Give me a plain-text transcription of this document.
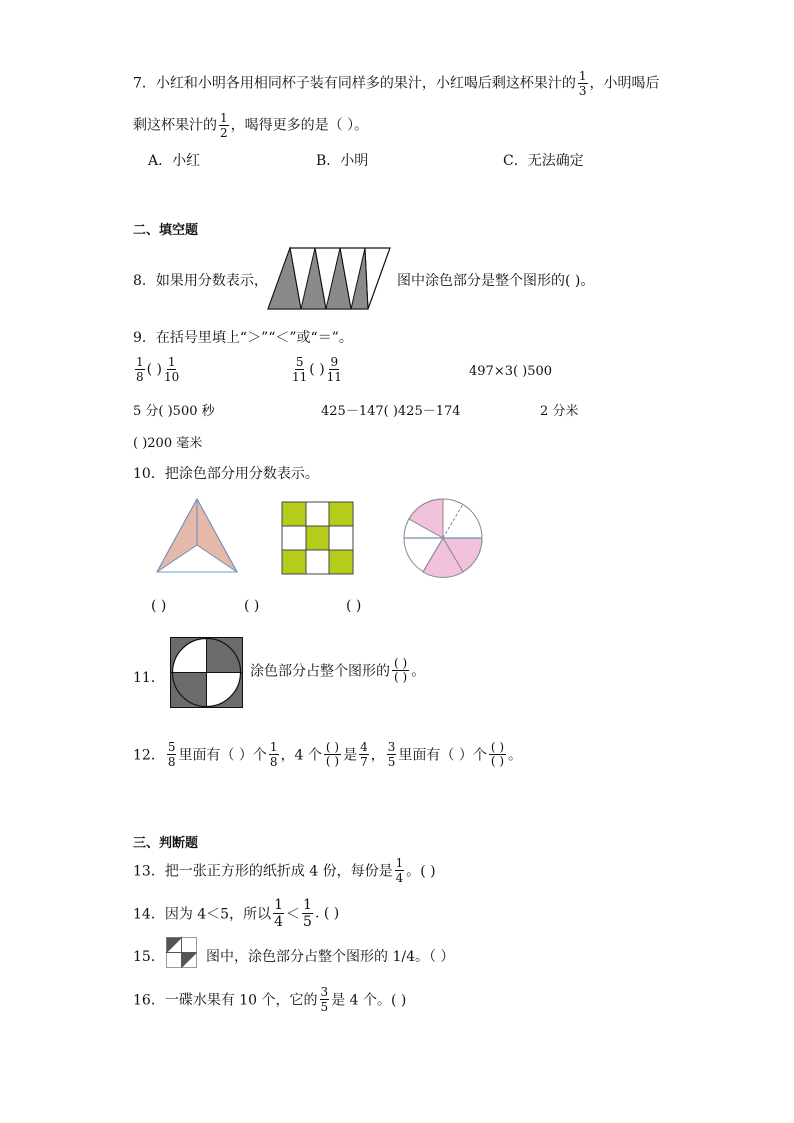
7．小红和小明各用相同杯子装有同样多的果汁，小红喝后剩这杯果汁的 $\frac{1}{3}$ ，小明喝后
剩这杯果汁的 $\frac{1}{2}$ ，喝得更多的是（ ）。
A．小红	B．小明	C．无法确定
二、填空题
8．如果用分数表示，	图中涂色部分是整个图形的( )。
9．在括号里填上“＞”“＜”或“＝”。
$\frac{1}{8}$ ( ) $\frac{1}{10}$	$\frac{5}{11}$ ( ) $\frac{9}{11}$	497×3( )500
5 分( )500 秒	425－147( )425－174	2 分米
( )200 毫米
10．把涂色部分用分数表示。
( )	( )	( )
11．	涂色部分占整个图形的
( )
( ) 。
12． $\frac{5}{8}$ 里面有（ ）个 $\frac{1}{8}$ ，4 个
( )
( ) 是 $\frac{4}{7}$ ， $\frac{3}{5}$ 里面有（ ）个
( )
( ) 。
三、判断题
13．把一张正方形的纸折成 4 份，每份是 $\frac{1}{4}$ 。( )
14．因为 4＜5，所以 $\frac{1}{4} < \frac{1}{5}$ . ( )
15．	图中，涂色部分占整个图形的 1/4。（ ）
16．一碟水果有 10 个，它的 $\frac{3}{5}$ 是 4 个。( )
